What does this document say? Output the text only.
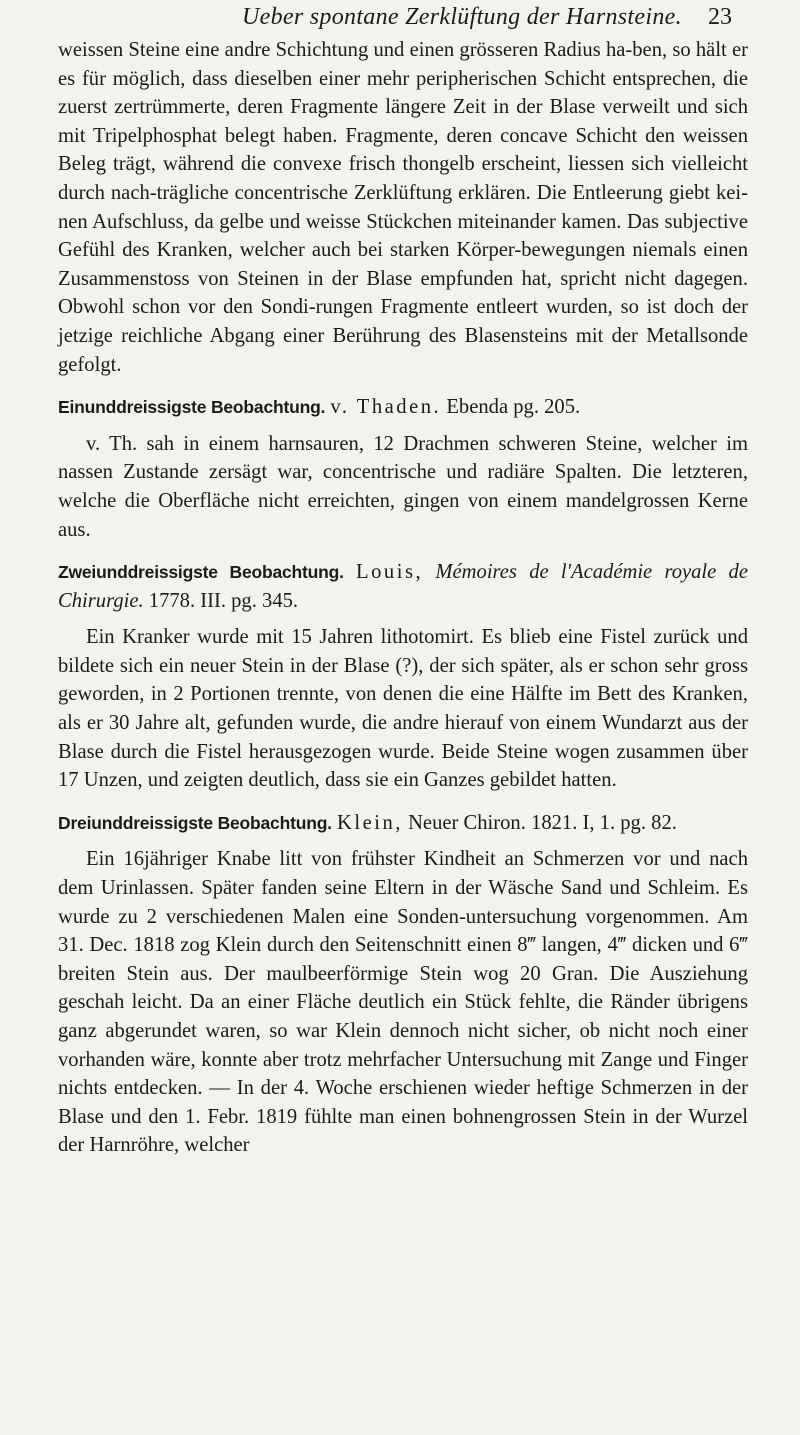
Ueber spontane Zerklüftung der Harnsteine. 23

weissen Steine eine andre Schichtung und einen grösseren Radius ha-ben, so hält er es für möglich, dass dieselben einer mehr peripherischen Schicht entsprechen, die zuerst zertrümmerte, deren Fragmente längere Zeit in der Blase verweilt und sich mit Tripelphosphat belegt haben. Fragmente, deren concave Schicht den weissen Beleg trägt, während die convexe frisch thongelb erscheint, liessen sich vielleicht durch nach-trägliche concentrische Zerklüftung erklären. Die Entleerung giebt kei-nen Aufschluss, da gelbe und weisse Stückchen miteinander kamen. Das subjective Gefühl des Kranken, welcher auch bei starken Körper-bewegungen niemals einen Zusammenstoss von Steinen in der Blase empfunden hat, spricht nicht dagegen. Obwohl schon vor den Sondi-rungen Fragmente entleert wurden, so ist doch der jetzige reichliche Abgang einer Berührung des Blasensteins mit der Metallsonde gefolgt.

Einunddreissigste Beobachtung. v. Thaden. Ebenda pg. 205.

v. Th. sah in einem harnsauren, 12 Drachmen schweren Steine, welcher im nassen Zustande zersägt war, concentrische und radiäre Spalten. Die letzteren, welche die Oberfläche nicht erreichten, gingen von einem mandelgrossen Kerne aus.

Zweiunddreissigste Beobachtung. Louis, Mémoires de l'Académie royale de Chirurgie. 1778. III. pg. 345.

Ein Kranker wurde mit 15 Jahren lithotomirt. Es blieb eine Fistel zurück und bildete sich ein neuer Stein in der Blase (?), der sich später, als er schon sehr gross geworden, in 2 Portionen trennte, von denen die eine Hälfte im Bett des Kranken, als er 30 Jahre alt, gefunden wurde, die andre hierauf von einem Wundarzt aus der Blase durch die Fistel herausgezogen wurde. Beide Steine wogen zusammen über 17 Unzen, und zeigten deutlich, dass sie ein Ganzes gebildet hatten.

Dreiunddreissigste Beobachtung. Klein, Neuer Chiron. 1821. I, 1. pg. 82.

Ein 16jähriger Knabe litt von frühster Kindheit an Schmerzen vor und nach dem Urinlassen. Später fanden seine Eltern in der Wäsche Sand und Schleim. Es wurde zu 2 verschiedenen Malen eine Sonden-untersuchung vorgenommen. Am 31. Dec. 1818 zog Klein durch den Seitenschnitt einen 8‴ langen, 4‴ dicken und 6‴ breiten Stein aus. Der maulbeerförmige Stein wog 20 Gran. Die Ausziehung geschah leicht. Da an einer Fläche deutlich ein Stück fehlte, die Ränder übrigens ganz abgerundet waren, so war Klein dennoch nicht sicher, ob nicht noch einer vorhanden wäre, konnte aber trotz mehrfacher Untersuchung mit Zange und Finger nichts entdecken. — In der 4. Woche erschienen wieder heftige Schmerzen in der Blase und den 1. Febr. 1819 fühlte man einen bohnengrossen Stein in der Wurzel der Harnröhre, welcher
